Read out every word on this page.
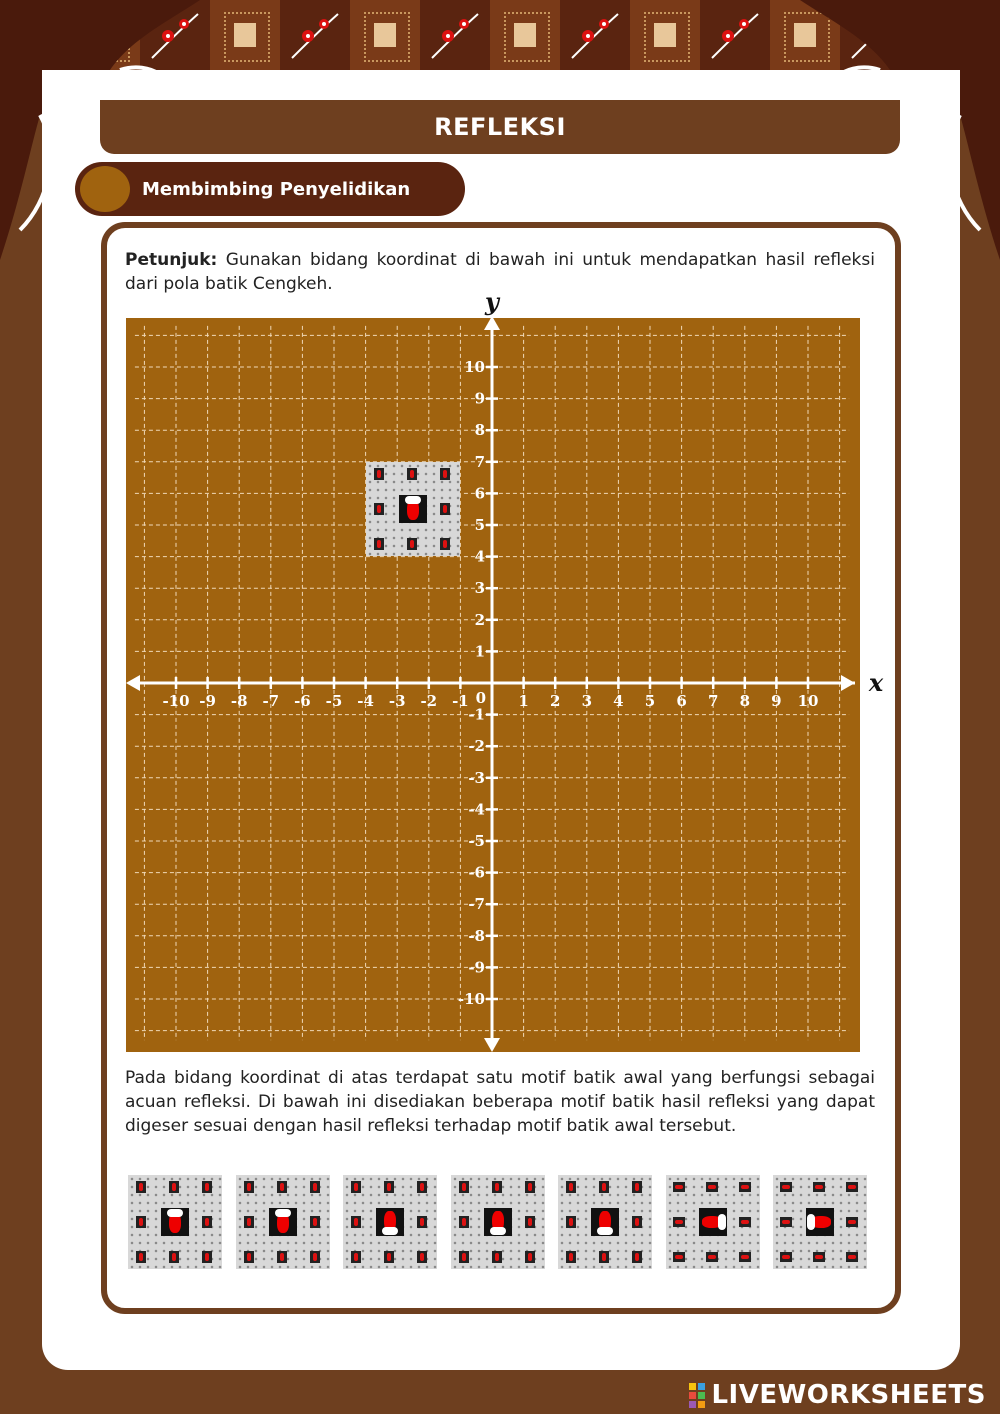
REFLEKSI
Membimbing Penyelidikan
Petunjuk: Gunakan bidang koordinat di bawah ini untuk mendapatkan hasil refleksi dari pola batik Cengkeh.
-10 -9 -8 -7 -6 -5 -4 -3 -2 -1	1 2 3 4 5 6 7 8 9 10
10
9
8
7
6
5
4
3
2
1
-1
-2
-3
-4
-5
-6
-7
-8
-9
-10
0
x
y
Pada bidang koordinat di atas terdapat satu motif batik awal yang berfungsi sebagai acuan refleksi. Di bawah ini disediakan beberapa motif batik hasil refleksi yang dapat digeser sesuai dengan hasil refleksi terhadap motif batik awal tersebut.
LIVEWORKSHEETS
